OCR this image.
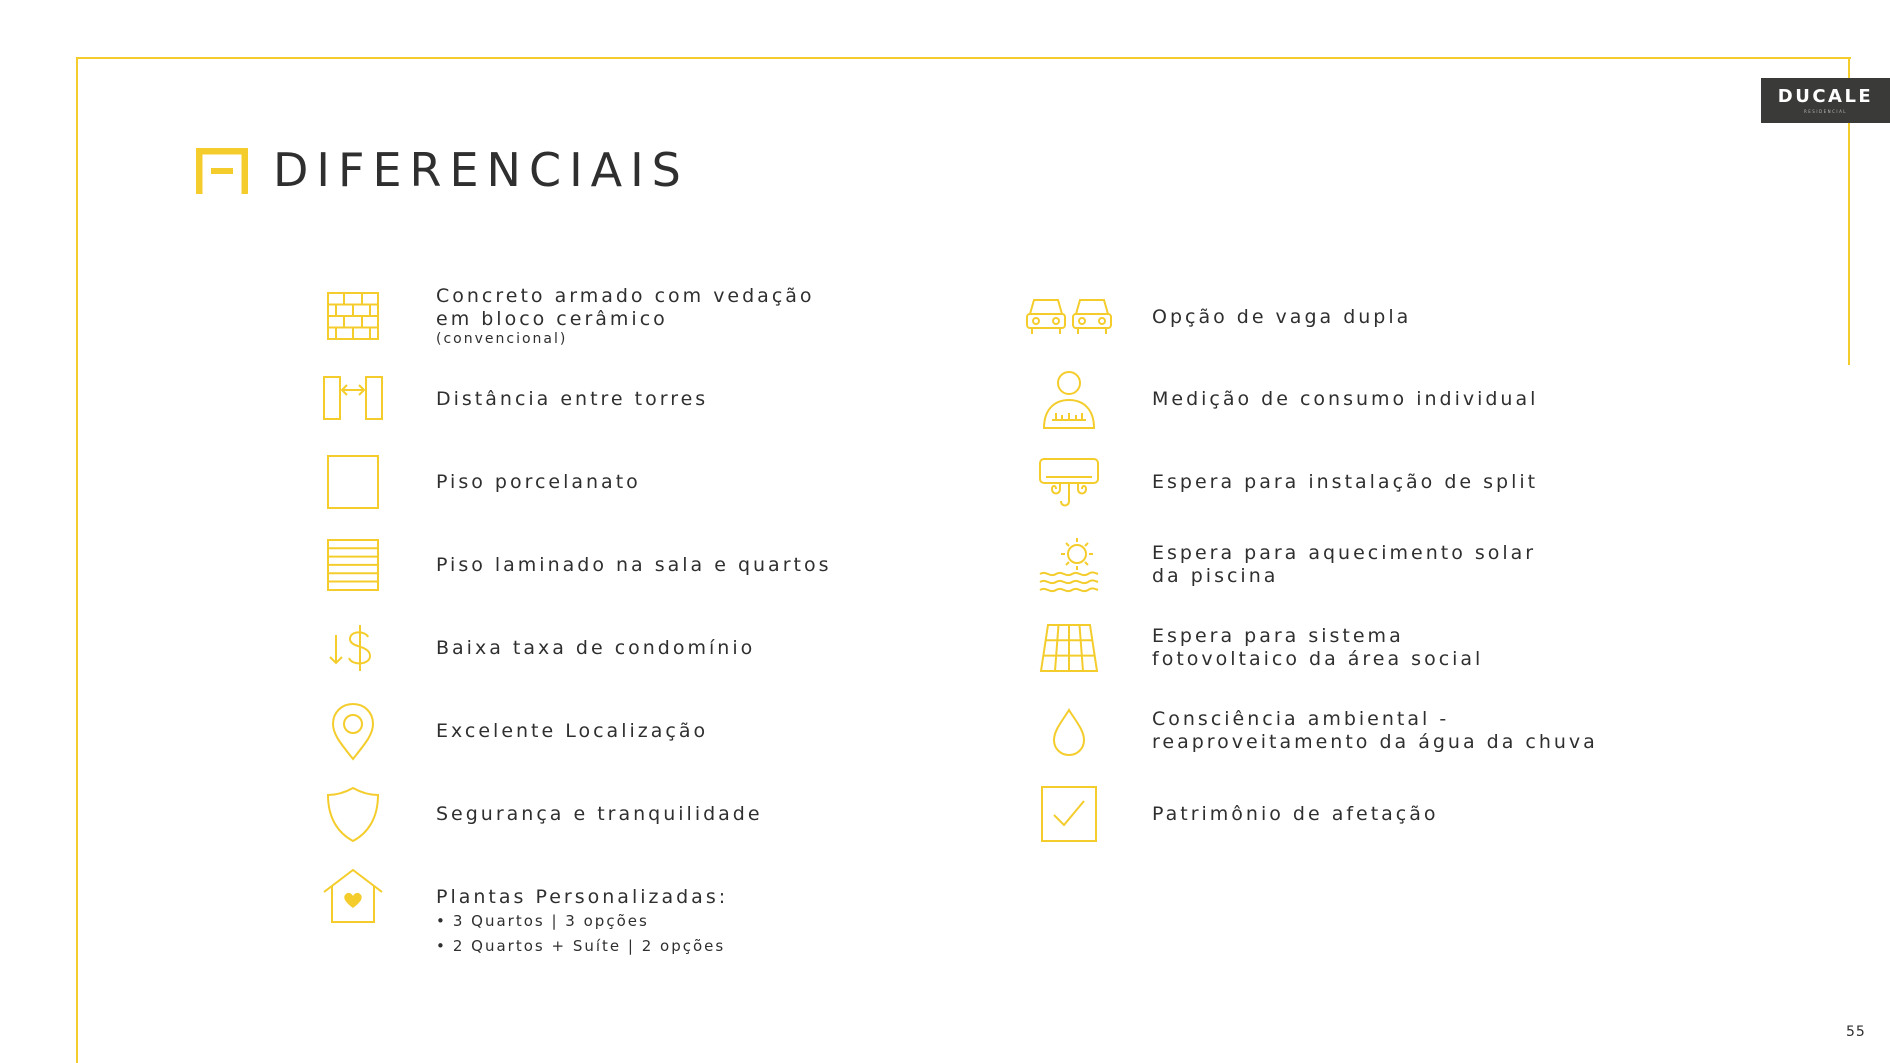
DUCALE
RESIDENCIAL
DIFERENCIAIS
Concreto armado com vedação
em bloco cerâmico
(convencional)
Distância entre torres
Piso porcelanato
Piso laminado na sala e quartos
Baixa taxa de condomínio
Excelente Localização
Segurança e tranquilidade
Plantas Personalizadas:
• 3 Quartos | 3 opções
• 2 Quartos + Suíte | 2 opções
Opção de vaga dupla
Medição de consumo individual
Espera para instalação de split
Espera para aquecimento solar
da piscina
Espera para sistema
fotovoltaico da área social
Consciência ambiental -
reaproveitamento da água da chuva
Patrimônio de afetação
55
